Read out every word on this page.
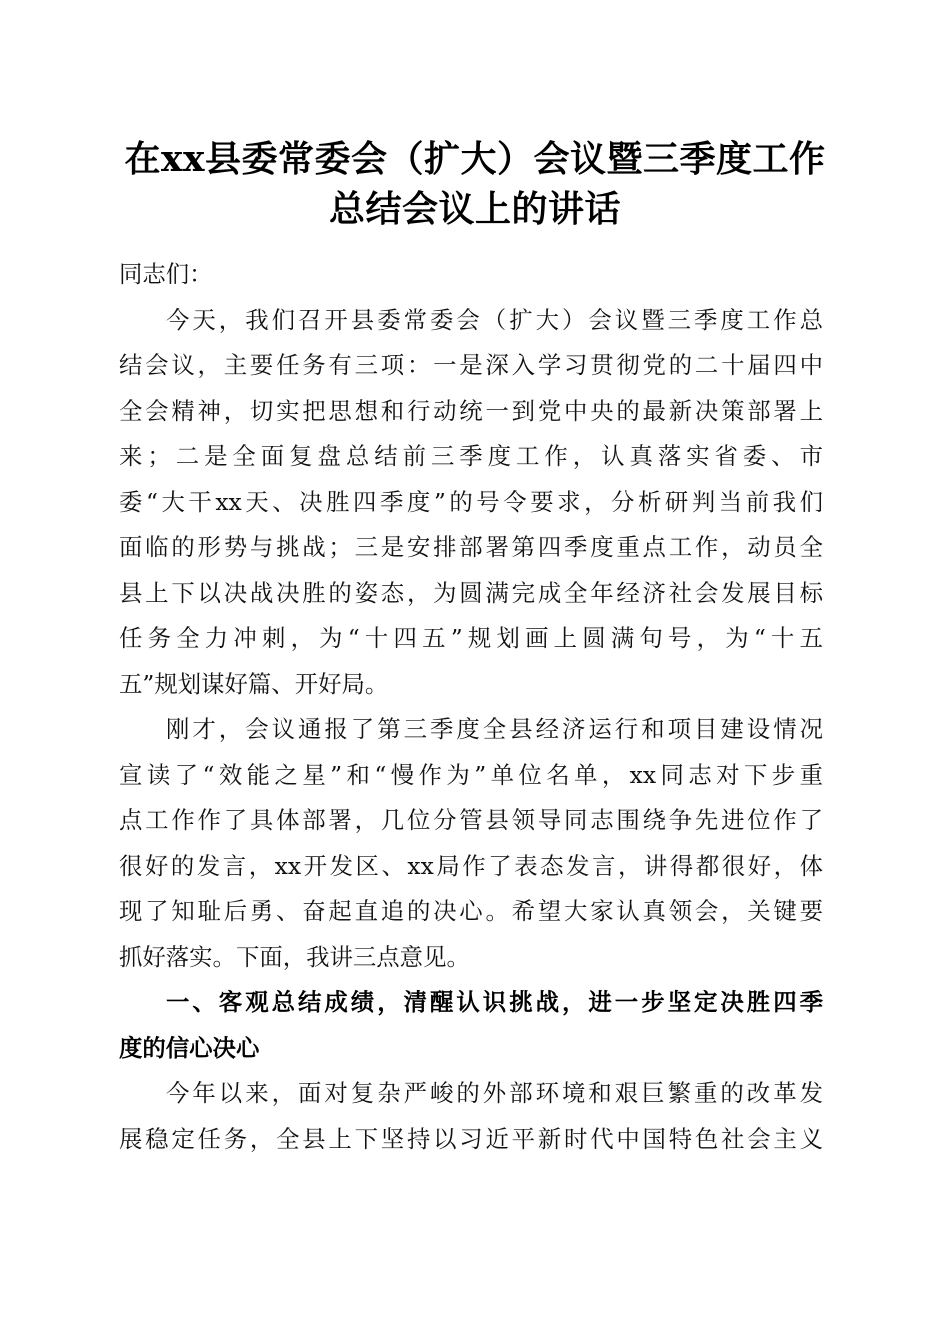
在xx县委常委会（扩大）会议暨三季度工作
总结会议上的讲话
同志们：
今天，我们召开县委常委会（扩大）会议暨三季度工作总
结会议，主要任务有三项：一是深入学习贯彻党的二十届四中
全会精神，切实把思想和行动统一到党中央的最新决策部署上
来；二是全面复盘总结前三季度工作，认真落实省委、市
委“大干xx天、决胜四季度”的号令要求，分析研判当前我们
面临的形势与挑战；三是安排部署第四季度重点工作，动员全
县上下以决战决胜的姿态，为圆满完成全年经济社会发展目标
任务全力冲刺，为“十四五”规划画上圆满句号，为“十五
五”规划谋好篇、开好局。
刚才，会议通报了第三季度全县经济运行和项目建设情况
宣读了“效能之星”和“慢作为”单位名单，xx同志对下步重
点工作作了具体部署，几位分管县领导同志围绕争先进位作了
很好的发言，xx开发区、xx局作了表态发言，讲得都很好，体
现了知耻后勇、奋起直追的决心。希望大家认真领会，关键要
抓好落实。下面，我讲三点意见。
一、客观总结成绩，清醒认识挑战，进一步坚定决胜四季
度的信心决心
今年以来，面对复杂严峻的外部环境和艰巨繁重的改革发
展稳定任务，全县上下坚持以习近平新时代中国特色社会主义
